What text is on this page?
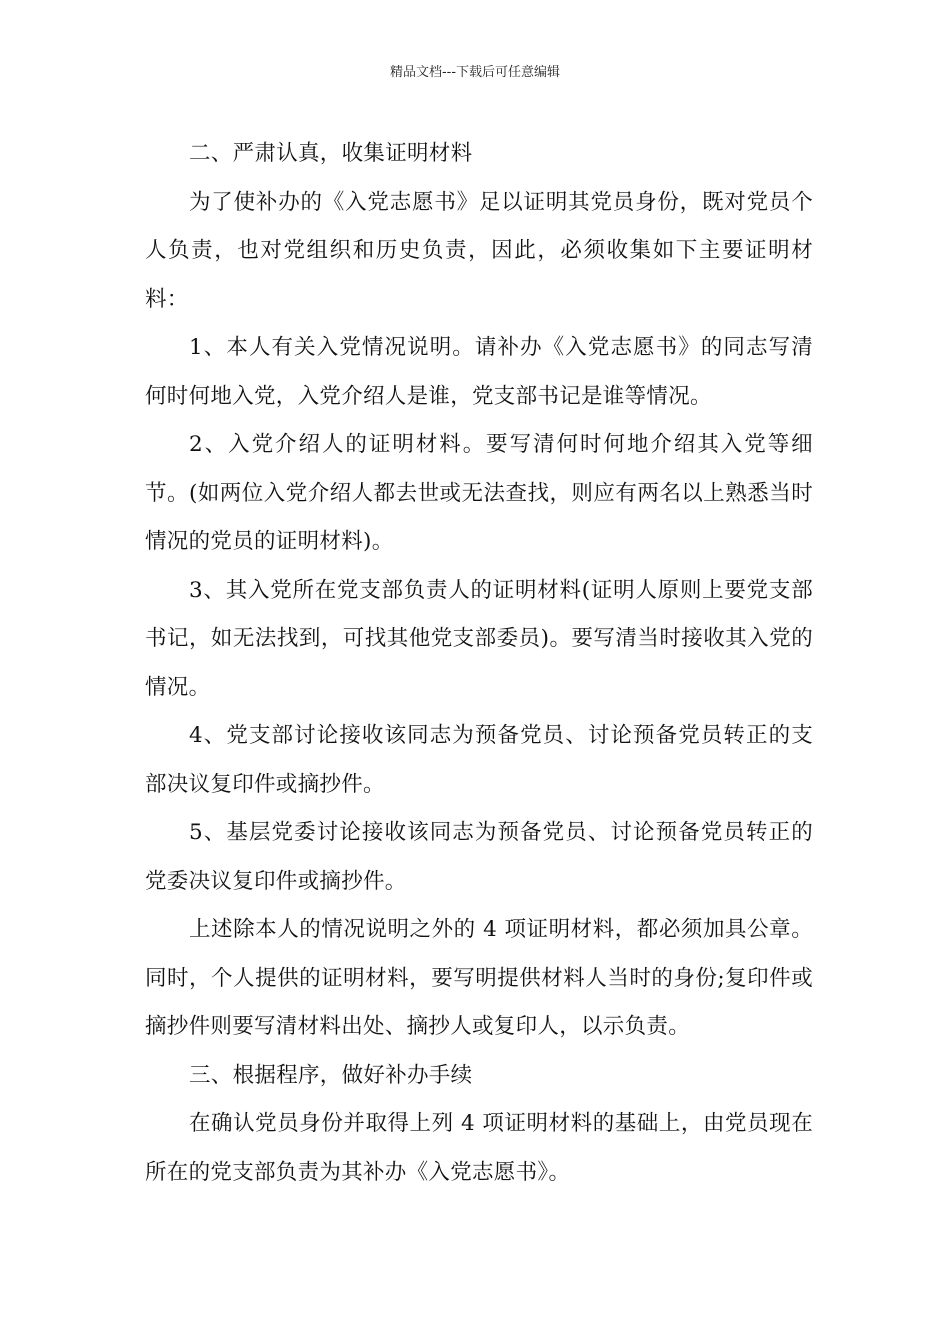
精品文档---下载后可任意编辑

二、严肃认真，收集证明材料

为了使补办的《入党志愿书》足以证明其党员身份，既对党员个人负责，也对党组织和历史负责，因此，必须收集如下主要证明材料：

1、本人有关入党情况说明。请补办《入党志愿书》的同志写清何时何地入党，入党介绍人是谁，党支部书记是谁等情况。

2、入党介绍人的证明材料。要写清何时何地介绍其入党等细节。(如两位入党介绍人都去世或无法查找，则应有两名以上熟悉当时情况的党员的证明材料)。

3、其入党所在党支部负责人的证明材料(证明人原则上要党支部书记，如无法找到，可找其他党支部委员)。要写清当时接收其入党的情况。

4、党支部讨论接收该同志为预备党员、讨论预备党员转正的支部决议复印件或摘抄件。

5、基层党委讨论接收该同志为预备党员、讨论预备党员转正的党委决议复印件或摘抄件。

上述除本人的情况说明之外的 4 项证明材料，都必须加具公章。同时，个人提供的证明材料，要写明提供材料人当时的身份;复印件或摘抄件则要写清材料出处、摘抄人或复印人，以示负责。

三、根据程序，做好补办手续

在确认党员身份并取得上列 4 项证明材料的基础上，由党员现在所在的党支部负责为其补办《入党志愿书》。
